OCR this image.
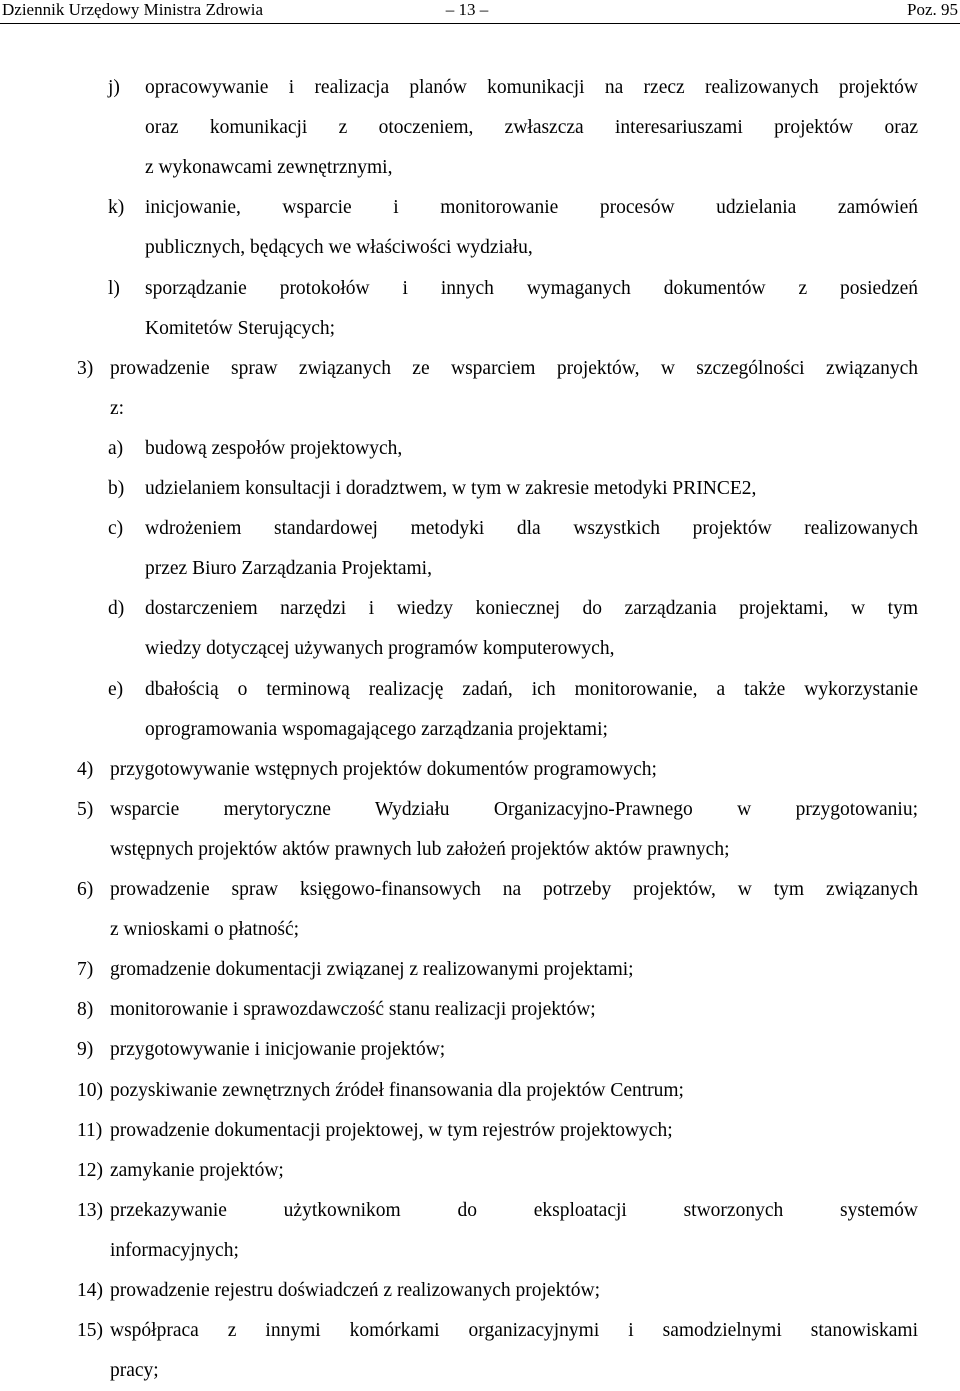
Dziennik Urzędowy Ministra Zdrowia	– 13 –	Poz. 95
j) opracowywanie i realizacja planów komunikacji na rzecz realizowanych projektów
oraz komunikacji z otoczeniem, zwłaszcza interesariuszami projektów oraz
z wykonawcami zewnętrznymi,
k) inicjowanie, wsparcie i monitorowanie procesów udzielania zamówień
publicznych, będących we właściwości wydziału,
l) sporządzanie protokołów i innych wymaganych dokumentów z posiedzeń
Komitetów Sterujących;
3) prowadzenie spraw związanych ze wsparciem projektów, w szczególności związanych
z:
a) budową zespołów projektowych,
b) udzielaniem konsultacji i doradztwem, w tym w zakresie metodyki PRINCE2,
c) wdrożeniem standardowej metodyki dla wszystkich projektów realizowanych
przez Biuro Zarządzania Projektami,
d) dostarczeniem narzędzi i wiedzy koniecznej do zarządzania projektami, w tym
wiedzy dotyczącej używanych programów komputerowych,
e) dbałością o terminową realizację zadań, ich monitorowanie, a także wykorzystanie
oprogramowania wspomagającego zarządzania projektami;
4) przygotowywanie wstępnych projektów dokumentów programowych;
5) wsparcie merytoryczne Wydziału Organizacyjno-Prawnego w przygotowaniu;
wstępnych projektów aktów prawnych lub założeń projektów aktów prawnych;
6) prowadzenie spraw księgowo-finansowych na potrzeby projektów, w tym związanych
z wnioskami o płatność;
7) gromadzenie dokumentacji związanej z realizowanymi projektami;
8) monitorowanie i sprawozdawczość stanu realizacji projektów;
9) przygotowywanie i inicjowanie projektów;
10) pozyskiwanie zewnętrznych źródeł finansowania dla projektów Centrum;
11) prowadzenie dokumentacji projektowej, w tym rejestrów projektowych;
12) zamykanie projektów;
13) przekazywanie użytkownikom do eksploatacji stworzonych systemów
informacyjnych;
14) prowadzenie rejestru doświadczeń z realizowanych projektów;
15) współpraca z innymi komórkami organizacyjnymi i samodzielnymi stanowiskami
pracy;
